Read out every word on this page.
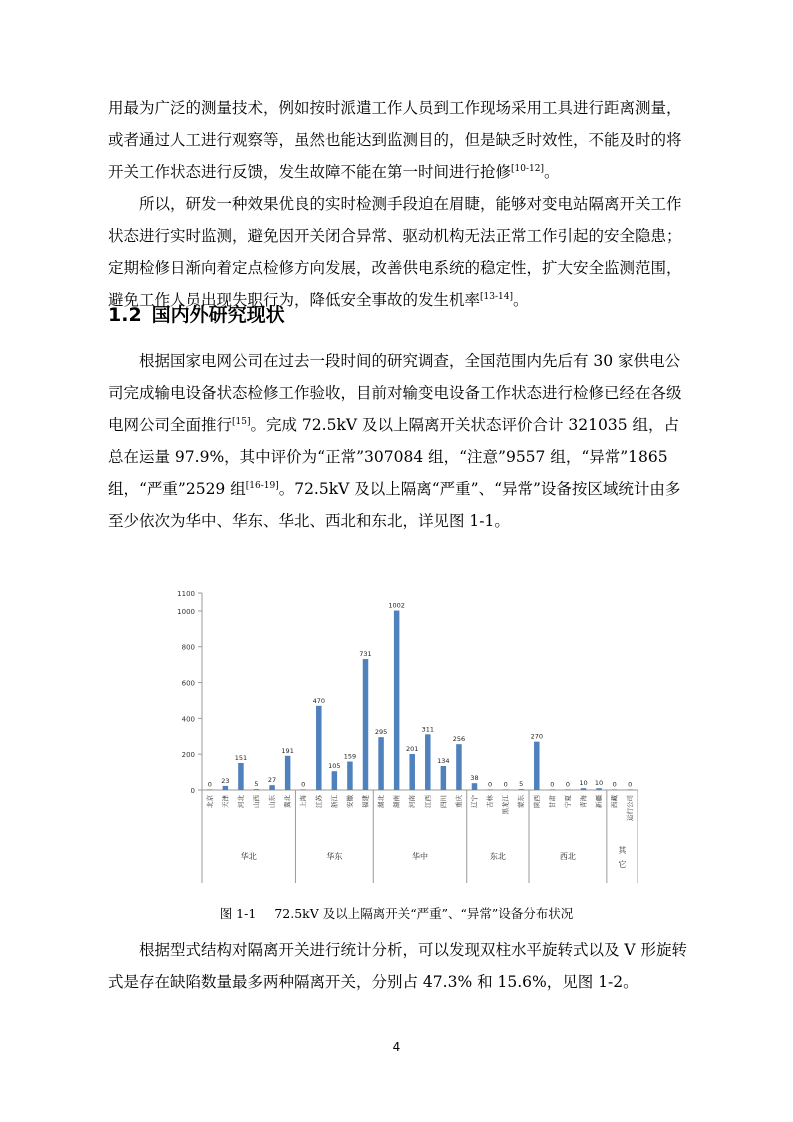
用最为广泛的测量技术，例如按时派遣工作人员到工作现场采用工具进行距离测量，或者通过人工进行观察等，虽然也能达到监测目的，但是缺乏时效性，不能及时的将开关工作状态进行反馈，发生故障不能在第一时间进行抢修[10-12]。

所以，研发一种效果优良的实时检测手段迫在眉睫，能够对变电站隔离开关工作状态进行实时监测，避免因开关闭合异常、驱动机构无法正常工作引起的安全隐患；定期检修日渐向着定点检修方向发展，改善供电系统的稳定性，扩大安全监测范围，避免工作人员出现失职行为，降低安全事故的发生机率[13-14]。

1.2 国内外研究现状

根据国家电网公司在过去一段时间的研究调查，全国范围内先后有 30 家供电公司完成输电设备状态检修工作验收，目前对输变电设备工作状态进行检修已经在各级电网公司全面推行[15]。完成 72.5kV 及以上隔离开关状态评价合计 321035 组，占总在运量 97.9%，其中评价为“正常”307084 组，“注意”9557 组，“异常”1865 组，“严重”2529 组[16-19]。72.5kV 及以上隔离“严重”、“异常”设备按区域统计由多至少依次为华中、华东、华北、西北和东北，详见图 1-1。

0
200
400
600
800
1000
1100
0
北京
23
天津
151
河北
5
山西
27
山东
191
冀北
0
上海
470
江苏
105
浙江
159
安徽
731
福建
295
湖北
1002
湖南
201
河南
311
江西
134
四川
256
重庆
38
辽宁
0
吉林
0
黑龙江
5
蒙东
270
陕西
0
甘肃
0
宁夏
10
青海
10
新疆
0
西藏
0
运行公司
华北	华东	华中	东北	西北
其它

图 1-1 72.5kV 及以上隔离开关“严重”、“异常”设备分布状况

根据型式结构对隔离开关进行统计分析，可以发现双柱水平旋转式以及 V 形旋转式是存在缺陷数量最多两种隔离开关，分别占 47.3% 和 15.6%，见图 1-2。

4
